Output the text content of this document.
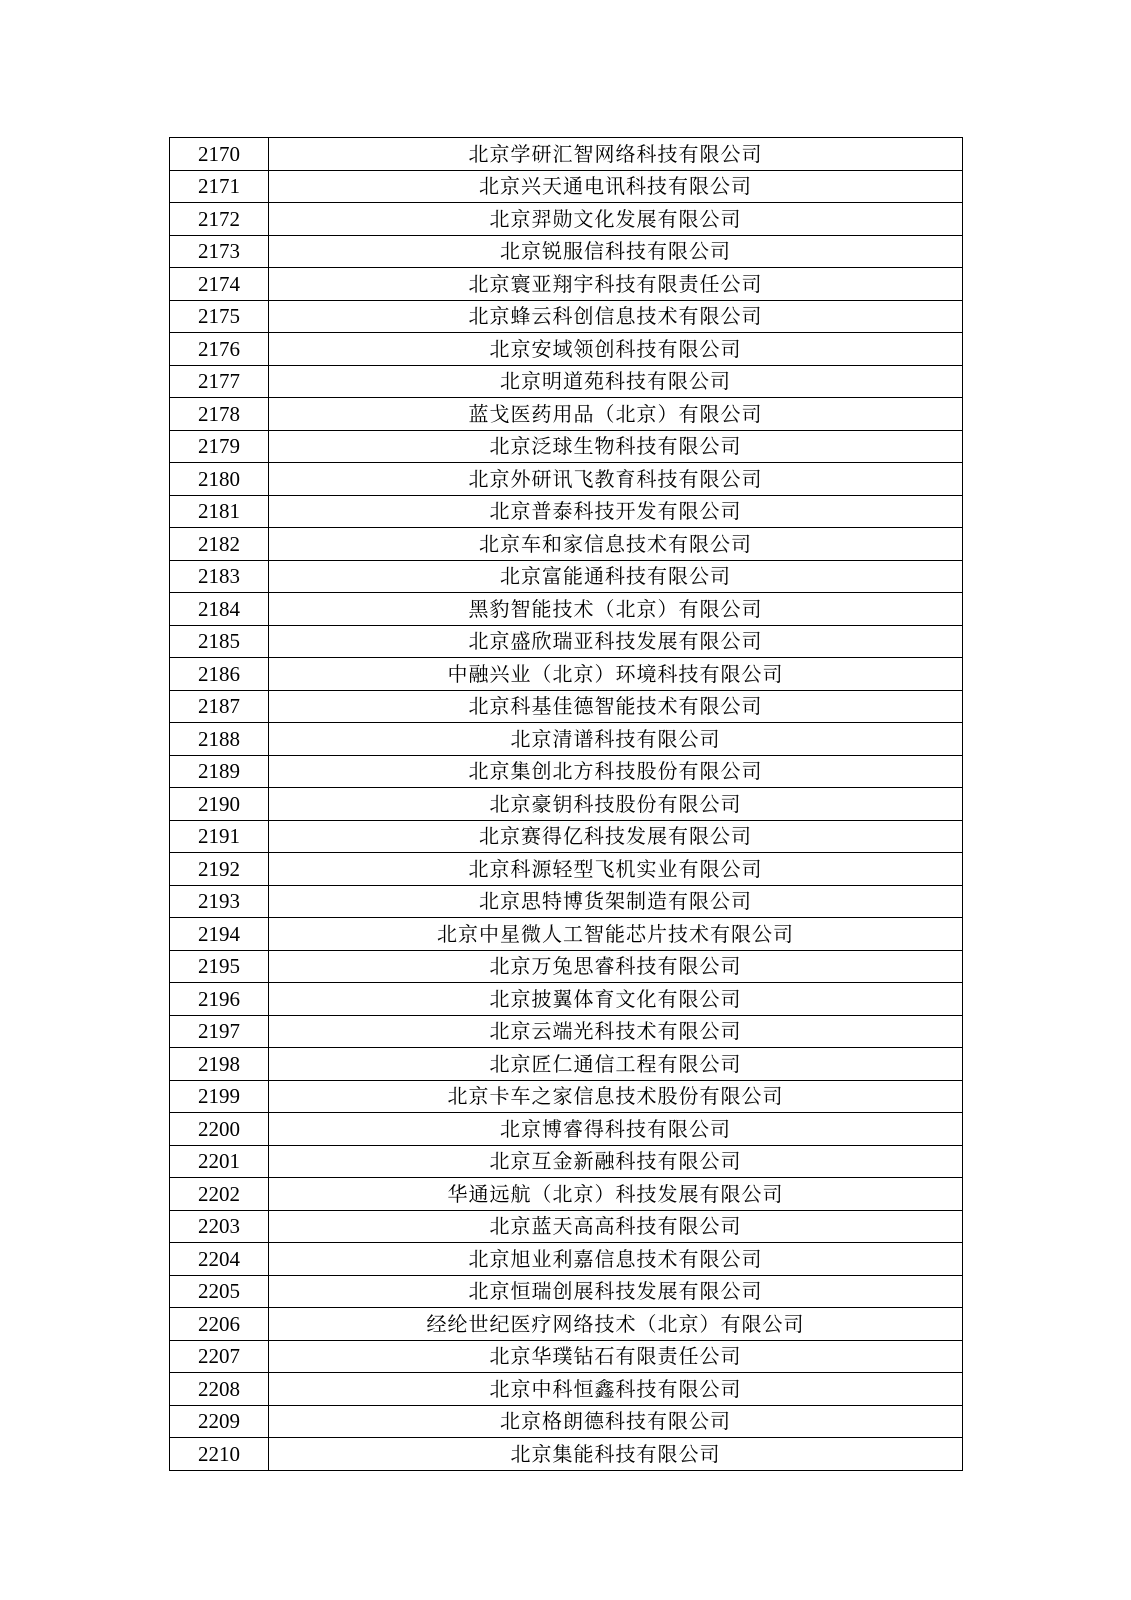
2170	北京学研汇智网络科技有限公司
2171	北京兴天通电讯科技有限公司
2172	北京羿勋文化发展有限公司
2173	北京锐服信科技有限公司
2174	北京寰亚翔宇科技有限责任公司
2175	北京蜂云科创信息技术有限公司
2176	北京安域领创科技有限公司
2177	北京明道苑科技有限公司
2178	蓝戈医药用品（北京）有限公司
2179	北京泛球生物科技有限公司
2180	北京外研讯飞教育科技有限公司
2181	北京普泰科技开发有限公司
2182	北京车和家信息技术有限公司
2183	北京富能通科技有限公司
2184	黑豹智能技术（北京）有限公司
2185	北京盛欣瑞亚科技发展有限公司
2186	中融兴业（北京）环境科技有限公司
2187	北京科基佳德智能技术有限公司
2188	北京清谱科技有限公司
2189	北京集创北方科技股份有限公司
2190	北京豪钥科技股份有限公司
2191	北京赛得亿科技发展有限公司
2192	北京科源轻型飞机实业有限公司
2193	北京思特博货架制造有限公司
2194	北京中星微人工智能芯片技术有限公司
2195	北京万兔思睿科技有限公司
2196	北京披翼体育文化有限公司
2197	北京云端光科技术有限公司
2198	北京匠仁通信工程有限公司
2199	北京卡车之家信息技术股份有限公司
2200	北京博睿得科技有限公司
2201	北京互金新融科技有限公司
2202	华通远航（北京）科技发展有限公司
2203	北京蓝天高高科技有限公司
2204	北京旭业利嘉信息技术有限公司
2205	北京恒瑞创展科技发展有限公司
2206	经纶世纪医疗网络技术（北京）有限公司
2207	北京华璞钻石有限责任公司
2208	北京中科恒鑫科技有限公司
2209	北京格朗德科技有限公司
2210	北京集能科技有限公司
